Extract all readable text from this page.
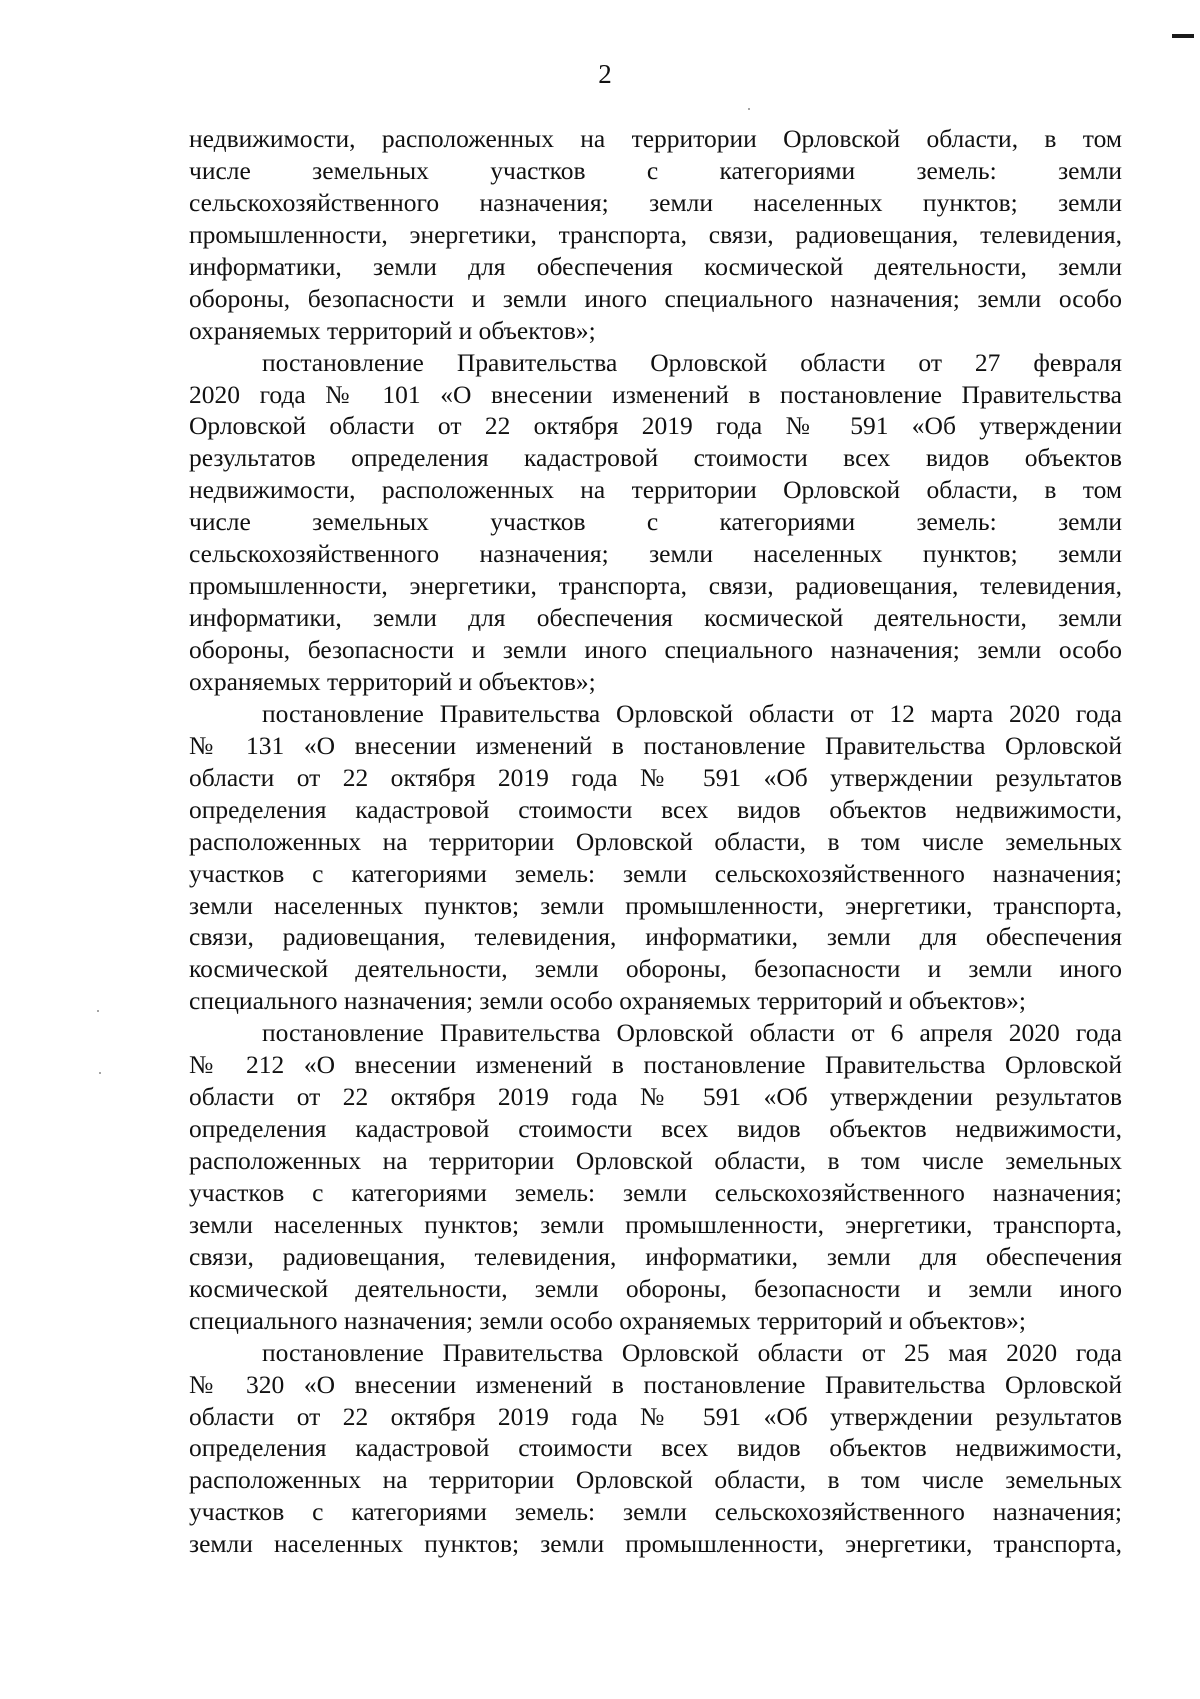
2
недвижимости, расположенных на территории Орловской области, в том
числе земельных участков с категориями земель: земли
сельскохозяйственного назначения; земли населенных пунктов; земли
промышленности, энергетики, транспорта, связи, радиовещания, телевидения,
информатики, земли для обеспечения космической деятельности, земли
обороны, безопасности и земли иного специального назначения; земли особо
охраняемых территорий и объектов»;
постановление Правительства Орловской области от 27 февраля
2020 года № 101 «О внесении изменений в постановление Правительства
Орловской области от 22 октября 2019 года № 591 «Об утверждении
результатов определения кадастровой стоимости всех видов объектов
недвижимости, расположенных на территории Орловской области, в том
числе земельных участков с категориями земель: земли
сельскохозяйственного назначения; земли населенных пунктов; земли
промышленности, энергетики, транспорта, связи, радиовещания, телевидения,
информатики, земли для обеспечения космической деятельности, земли
обороны, безопасности и земли иного специального назначения; земли особо
охраняемых территорий и объектов»;
постановление Правительства Орловской области от 12 марта 2020 года
№ 131 «О внесении изменений в постановление Правительства Орловской
области от 22 октября 2019 года № 591 «Об утверждении результатов
определения кадастровой стоимости всех видов объектов недвижимости,
расположенных на территории Орловской области, в том числе земельных
участков с категориями земель: земли сельскохозяйственного назначения;
земли населенных пунктов; земли промышленности, энергетики, транспорта,
связи, радиовещания, телевидения, информатики, земли для обеспечения
космической деятельности, земли обороны, безопасности и земли иного
специального назначения; земли особо охраняемых территорий и объектов»;
постановление Правительства Орловской области от 6 апреля 2020 года
№ 212 «О внесении изменений в постановление Правительства Орловской
области от 22 октября 2019 года № 591 «Об утверждении результатов
определения кадастровой стоимости всех видов объектов недвижимости,
расположенных на территории Орловской области, в том числе земельных
участков с категориями земель: земли сельскохозяйственного назначения;
земли населенных пунктов; земли промышленности, энергетики, транспорта,
связи, радиовещания, телевидения, информатики, земли для обеспечения
космической деятельности, земли обороны, безопасности и земли иного
специального назначения; земли особо охраняемых территорий и объектов»;
постановление Правительства Орловской области от 25 мая 2020 года
№ 320 «О внесении изменений в постановление Правительства Орловской
области от 22 октября 2019 года № 591 «Об утверждении результатов
определения кадастровой стоимости всех видов объектов недвижимости,
расположенных на территории Орловской области, в том числе земельных
участков с категориями земель: земли сельскохозяйственного назначения;
земли населенных пунктов; земли промышленности, энергетики, транспорта,
